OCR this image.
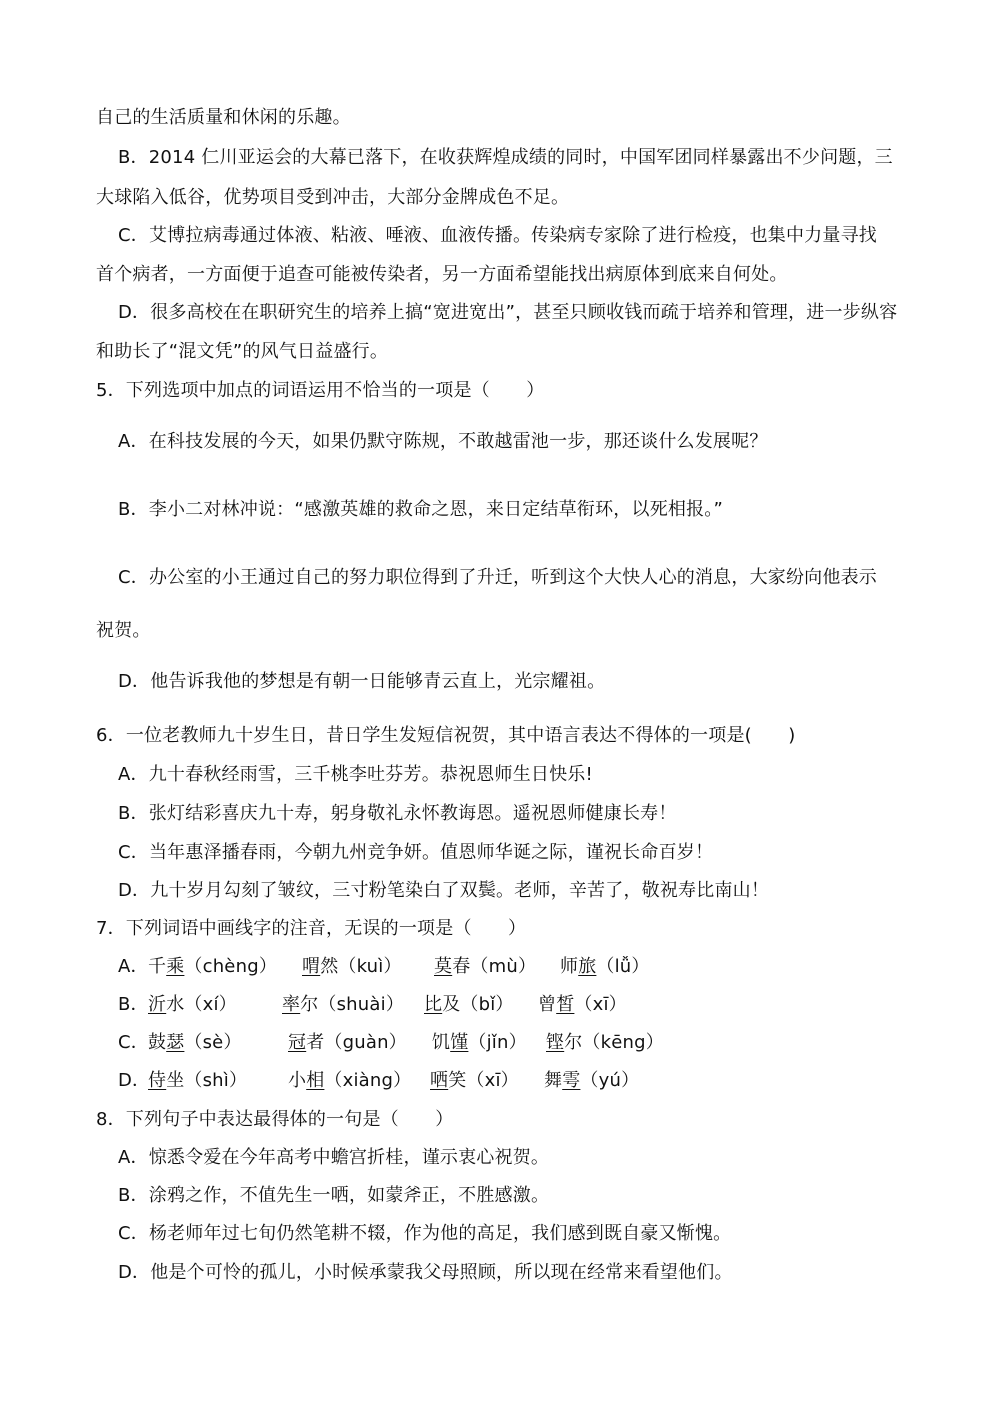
自己的生活质量和休闲的乐趣。
B．2014 仁川亚运会的大幕已落下，在收获辉煌成绩的同时，中国军团同样暴露出不少问题，三
大球陷入低谷，优势项目受到冲击，大部分金牌成色不足。
C．艾博拉病毒通过体液、粘液、唾液、血液传播。传染病专家除了进行检疫，也集中力量寻找
首个病者，一方面便于追查可能被传染者，另一方面希望能找出病原体到底来自何处。
D．很多高校在在职研究生的培养上搞“宽进宽出”，甚至只顾收钱而疏于培养和管理，进一步纵容
和助长了“混文凭”的风气日益盛行。
5．下列选项中加点的词语运用不恰当的一项是（　　）
A．在科技发展的今天，如果仍默守陈规，不敢越雷池一步，那还谈什么发展呢？
B．李小二对林冲说：“感激英雄的救命之恩，来日定结草衔环，以死相报。”
C．办公室的小王通过自己的努力职位得到了升迁，听到这个大快人心的消息，大家纷向他表示
祝贺。
D．他告诉我他的梦想是有朝一日能够青云直上，光宗耀祖。
6．一位老教师九十岁生日，昔日学生发短信祝贺，其中语言表达不得体的一项是(　　)
A．九十春秋经雨雪，三千桃李吐芬芳。恭祝恩师生日快乐!
B．张灯结彩喜庆九十寿，躬身敬礼永怀教诲恩。遥祝恩师健康长寿！
C．当年惠泽播春雨，今朝九州竞争妍。值恩师华诞之际，谨祝长命百岁！
D．九十岁月勾刻了皱纹，三寸粉笔染白了双鬓。老师，辛苦了，敬祝寿比南山！
7．下列词语中画线字的注音，无误的一项是（　　）
A． 千乘（chèng） 喟然（kuì） 莫春（mù） 师旅（lǚ）
B． 沂水（xí）	率尔（shuài） 比及（bǐ） 曾皙（xī）
C． 鼓瑟（sè）	冠者（guàn） 饥馑（jǐn） 铿尔（kēng）
D．
侍坐（shì） 小相（xiàng） 哂笑（xī） 舞雩（yú）
8．下列句子中表达最得体的一句是（　　）
A．惊悉令爱在今年高考中蟾宫折桂，谨示衷心祝贺。
B．涂鸦之作，不值先生一哂，如蒙斧正，不胜感激。
C．杨老师年过七旬仍然笔耕不辍，作为他的高足，我们感到既自豪又惭愧。
D．他是个可怜的孤儿，小时候承蒙我父母照顾，所以现在经常来看望他们。
